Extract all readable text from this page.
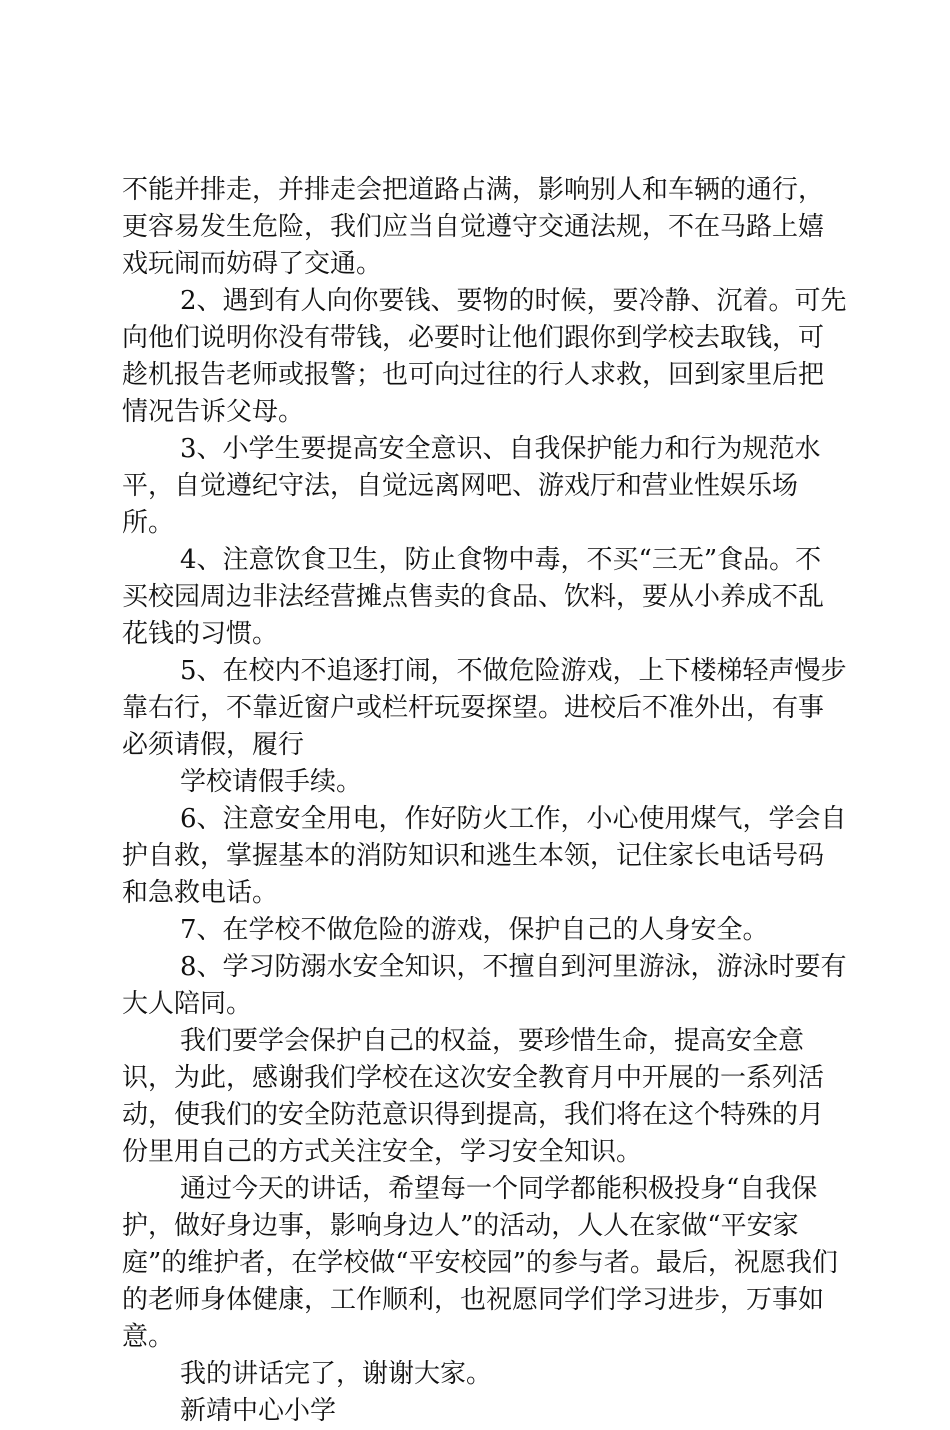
不能并排走，并排走会把道路占满，影响别人和车辆的通行，更容易发生危险，我们应当自觉遵守交通法规，不在马路上嬉戏玩闹而妨碍了交通。

2、遇到有人向你要钱、要物的时候，要冷静、沉着。可先向他们说明你没有带钱，必要时让他们跟你到学校去取钱，可趁机报告老师或报警；也可向过往的行人求救，回到家里后把情况告诉父母。

3、小学生要提高安全意识、自我保护能力和行为规范水平，自觉遵纪守法，自觉远离网吧、游戏厅和营业性娱乐场所。

4、注意饮食卫生，防止食物中毒，不买“三无”食品。不买校园周边非法经营摊点售卖的食品、饮料，要从小养成不乱花钱的习惯。

5、在校内不追逐打闹，不做危险游戏，上下楼梯轻声慢步靠右行，不靠近窗户或栏杆玩耍探望。进校后不准外出，有事必须请假，履行

学校请假手续。

6、注意安全用电，作好防火工作，小心使用煤气，学会自护自救，掌握基本的消防知识和逃生本领，记住家长电话号码和急救电话。

7、在学校不做危险的游戏，保护自己的人身安全。

8、学习防溺水安全知识，不擅自到河里游泳，游泳时要有大人陪同。

我们要学会保护自己的权益，要珍惜生命，提高安全意识，为此，感谢我们学校在这次安全教育月中开展的一系列活动，使我们的安全防范意识得到提高，我们将在这个特殊的月份里用自己的方式关注安全，学习安全知识。

通过今天的讲话，希望每一个同学都能积极投身“自我保护，做好身边事，影响身边人”的活动，人人在家做“平安家庭”的维护者，在学校做“平安校园”的参与者。最后，祝愿我们的老师身体健康，工作顺利，也祝愿同学们学习进步，万事如意。

我的讲话完了，谢谢大家。

新靖中心小学
